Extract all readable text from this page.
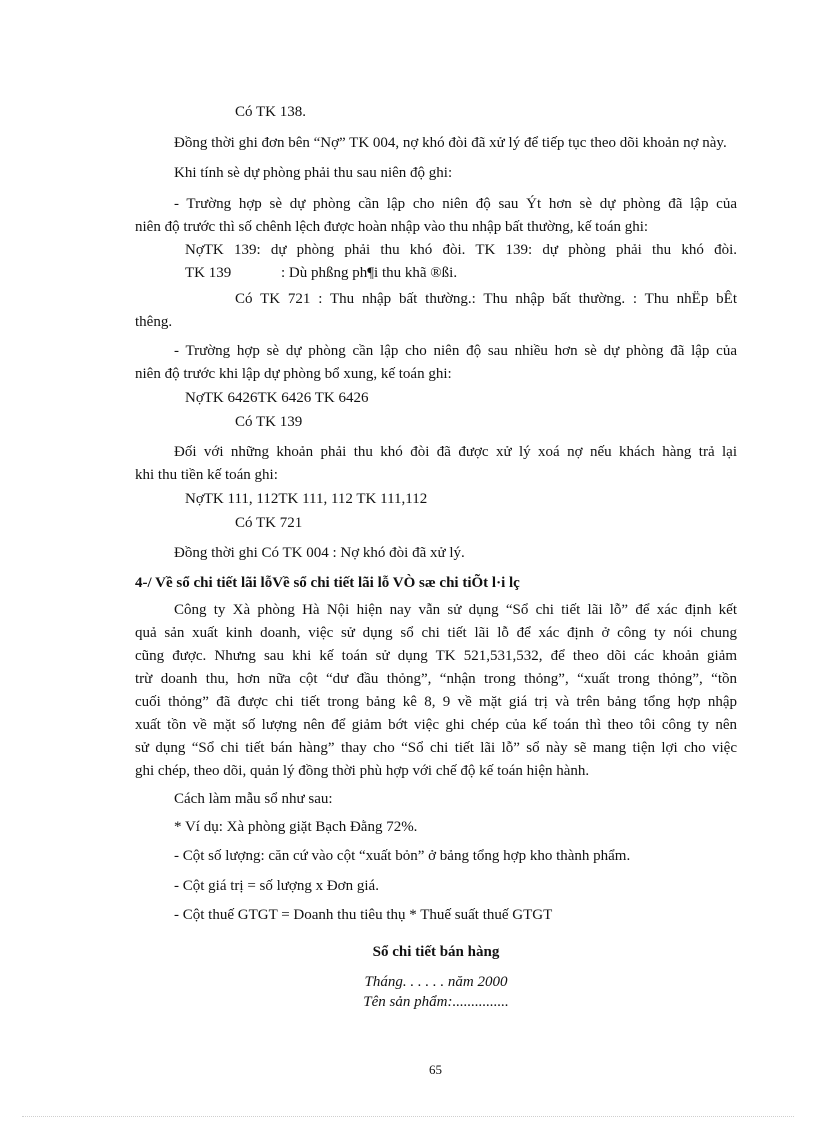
Có TK 138.
Đồng thời ghi đơn bên “Nợ” TK 004, nợ khó đòi đã xử lý để tiếp tục theo dõi khoản nợ này.
Khi tính sè dự phòng phải thu sau niên độ ghi:
- Trường hợp sè dự phòng cần lập cho niên độ sau Ýt hơn sè dự phòng đã lập của
niên độ trước thì số chênh lệch được hoàn nhập vào thu nhập bất thường, kế toán ghi:
NợTK 139: dự phòng phải thu khó đòi. TK 139: dự phòng phải thu khó đòi.
TK 139	: Dù phßng ph¶i thu khã ®ßi.
Có TK 721 : Thu nhập bất thường.: Thu nhập bất thường. : Thu nhËp bÊt
thêng.
- Trường hợp sè dự phòng cần lập cho niên độ sau nhiều hơn sè dự phòng đã lập của
niên độ trước khi lập dự phòng bổ xung, kế toán ghi:
NợTK 6426TK 6426 TK 6426
Có TK 139
Đối với những khoản phải thu khó đòi đã được xử lý xoá nợ nếu khách hàng trả lại
khi thu tiền kế toán ghi:
NợTK 111, 112TK 111, 112 TK 111,112
Có TK 721
Đồng thời ghi Có TK 004 : Nợ khó đòi đã xử lý.
4-/ Về sổ chi tiết lãi lỗVề sổ chi tiết lãi lỗ VÒ sæ chi tiÕt l·i lç
Công ty Xà phòng Hà Nội hiện nay vẫn sử dụng “Sổ chi tiết lãi lỗ” để xác định kết
quả sản xuất kinh doanh, việc sử dụng sổ chi tiết lãi lỗ để xác định ở công ty nói chung
cũng được. Nhưng sau khi kế toán sử dụng TK 521,531,532, để theo dõi các khoản giảm
trừ doanh thu, hơn nữa cột “dư đầu thỏng”, “nhận trong thỏng”, “xuất trong thỏng”, “tồn
cuối thỏng” đã được chi tiết trong bảng kê 8, 9 về mặt giá trị và trên bảng tổng hợp nhập
xuất tồn về mặt số lượng nên để giảm bớt việc ghi chép của kế toán thì theo tôi công ty nên
sử dụng “Sổ chi tiết bán hàng” thay cho “Sổ chi tiết lãi lỗ” sổ này sẽ mang tiện lợi cho việc
ghi chép, theo dõi, quản lý đồng thời phù hợp với chế độ kế toán hiện hành.
Cách làm mẫu sổ như sau:
* Ví dụ: Xà phòng giặt Bạch Đằng 72%.
- Cột số lượng: căn cứ vào cột “xuất bỏn” ở bảng tổng hợp kho thành phẩm.
- Cột giá trị = số lượng x Đơn giá.
- Cột thuế GTGT = Doanh thu tiêu thụ * Thuế suất thuế GTGT
Sổ chi tiết bán hàng
Tháng. . . . . . năm 2000
Tên sản phẩm:...............
65
